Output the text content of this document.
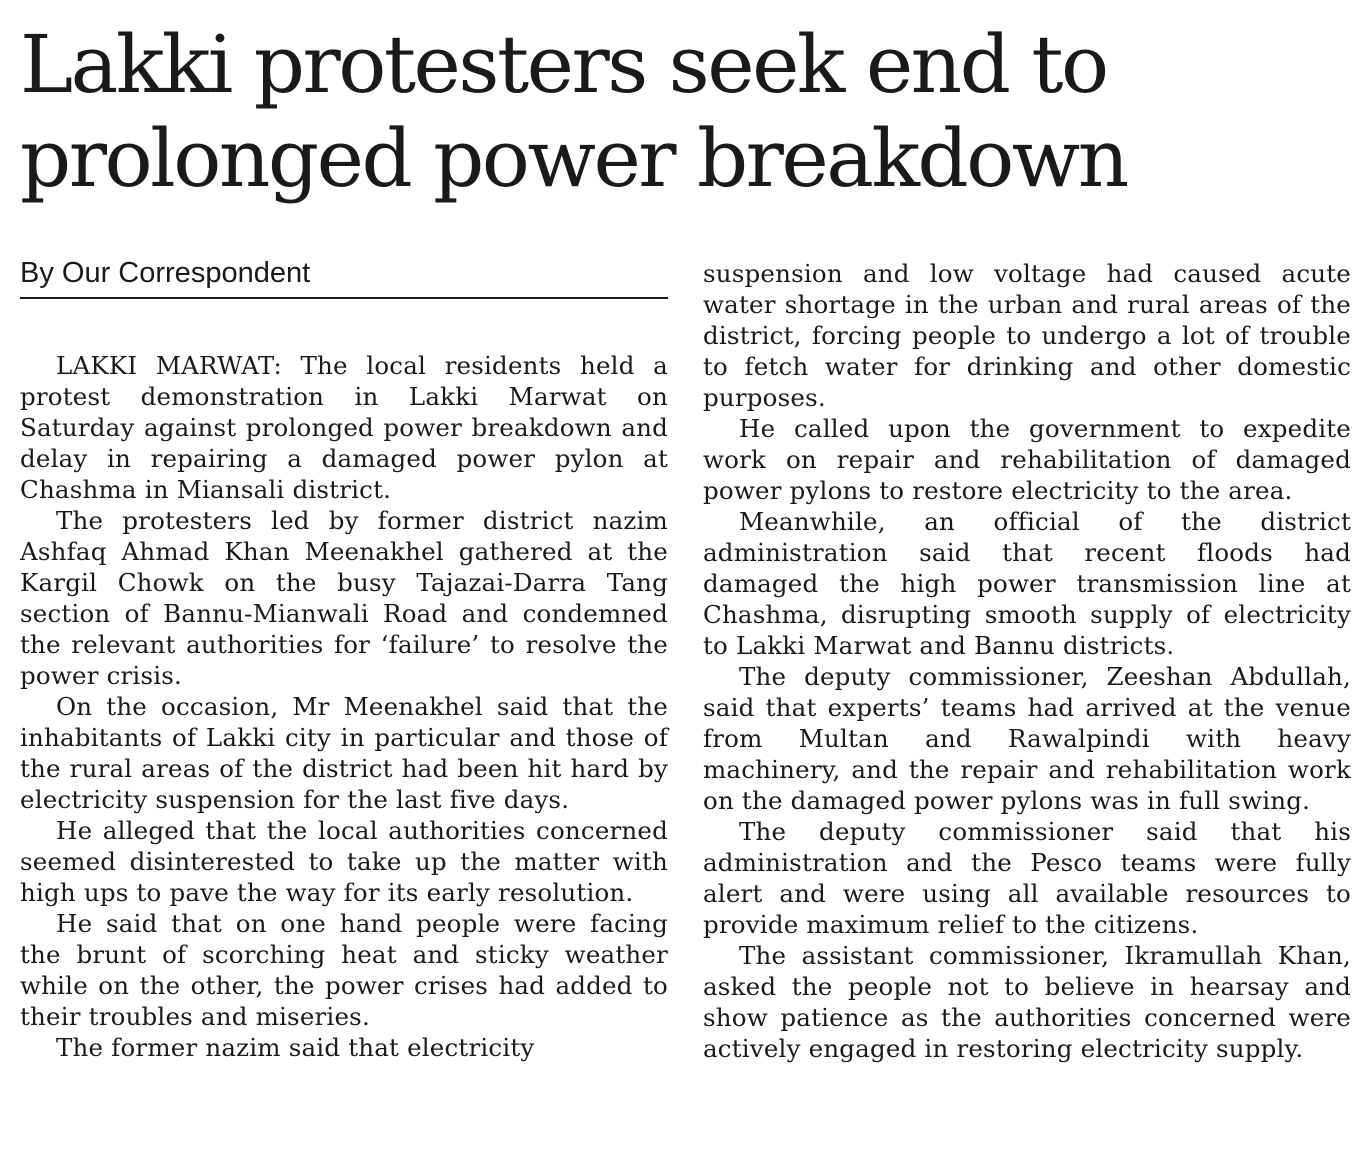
Lakki protesters seek end to
prolonged power breakdown
By Our Correspondent

LAKKI MARWAT: The local residents held a protest demonstration in Lakki Marwat on Saturday against prolonged power breakdown and delay in repairing a damaged power pylon at Chashma in Miansali district.

The protesters led by former district nazim Ashfaq Ahmad Khan Meenakhel gathered at the Kargil Chowk on the busy Tajazai-Darra Tang section of Bannu-Mianwali Road and condemned the relevant authorities for ‘failure’ to resolve the power crisis.

On the occasion, Mr Meenakhel said that the inhabitants of Lakki city in particular and those of the rural areas of the district had been hit hard by electricity suspension for the last five days.

He alleged that the local authorities concerned seemed disinterested to take up the matter with high ups to pave the way for its early resolution.

He said that on one hand people were facing the brunt of scorching heat and sticky weather while on the other, the power crises had added to their troubles and miseries.

The former nazim said that electricity

suspension and low voltage had caused acute water shortage in the urban and rural areas of the district, forcing people to undergo a lot of trouble to fetch water for drinking and other domestic purposes.

He called upon the government to expedite work on repair and rehabilitation of damaged power pylons to restore electricity to the area.

Meanwhile, an official of the district administration said that recent floods had damaged the high power transmission line at Chashma, disrupting smooth supply of electricity to Lakki Marwat and Bannu districts.

The deputy commissioner, Zeeshan Abdullah, said that experts’ teams had arrived at the venue from Multan and Rawalpindi with heavy machinery, and the repair and rehabilitation work on the damaged power pylons was in full swing.

The deputy commissioner said that his administration and the Pesco teams were fully alert and were using all available resources to provide maximum relief to the citizens.

The assistant commissioner, Ikramullah Khan, asked the people not to believe in hearsay and show patience as the authorities concerned were actively engaged in restoring electricity supply.
